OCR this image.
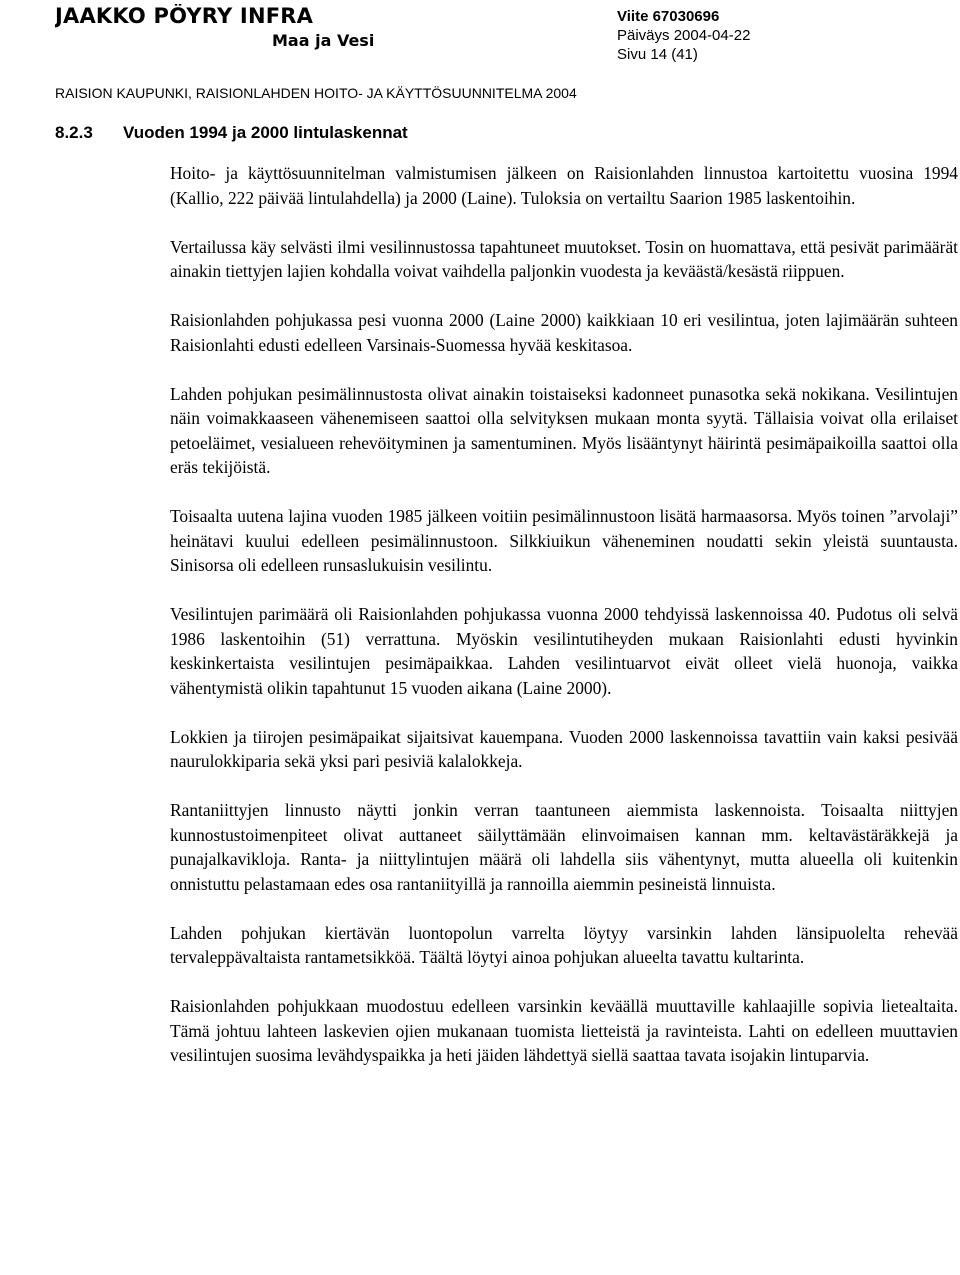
JAAKKO PÖYRY INFRA
Maa ja Vesi
Viite 67030696
Päiväys 2004-04-22
Sivu 14 (41)
RAISION KAUPUNKI, RAISIONLAHDEN HOITO- JA KÄYTTÖSUUNNITELMA 2004
8.2.3 Vuoden 1994 ja 2000 lintulaskennat

Hoito- ja käyttösuunnitelman valmistumisen jälkeen on Raisionlahden linnustoa kartoitettu vuosina 1994 (Kallio, 222 päivää lintulahdella) ja 2000 (Laine). Tuloksia on vertailtu Saarion 1985 laskentoihin.

Vertailussa käy selvästi ilmi vesilinnustossa tapahtuneet muutokset. Tosin on huomattava, että pesivät parimäärät ainakin tiettyjen lajien kohdalla voivat vaihdella paljonkin vuodesta ja keväästä/kesästä riippuen.

Raisionlahden pohjukassa pesi vuonna 2000 (Laine 2000) kaikkiaan 10 eri vesilintua, joten lajimäärän suhteen Raisionlahti edusti edelleen Varsinais-Suomessa hyvää keskitasoa.

Lahden pohjukan pesimälinnustosta olivat ainakin toistaiseksi kadonneet punasotka sekä nokikana. Vesilintujen näin voimakkaaseen vähenemiseen saattoi olla selvityksen mukaan monta syytä. Tällaisia voivat olla erilaiset petoeläimet, vesialueen rehevöityminen ja samentuminen. Myös lisääntynyt häirintä pesimäpaikoilla saattoi olla eräs tekijöistä.

Toisaalta uutena lajina vuoden 1985 jälkeen voitiin pesimälinnustoon lisätä harmaasorsa. Myös toinen ”arvolaji” heinätavi kuului edelleen pesimälinnustoon. Silkkiuikun väheneminen noudatti sekin yleistä suuntausta. Sinisorsa oli edelleen runsaslukuisin vesilintu.

Vesilintujen parimäärä oli Raisionlahden pohjukassa vuonna 2000 tehdyissä laskennoissa 40. Pudotus oli selvä 1986 laskentoihin (51) verrattuna. Myöskin vesilintutiheyden mukaan Raisionlahti edusti hyvinkin keskinkertaista vesilintujen pesimäpaikkaa. Lahden vesilintuarvot eivät olleet vielä huonoja, vaikka vähentymistä olikin tapahtunut 15 vuoden aikana (Laine 2000).

Lokkien ja tiirojen pesimäpaikat sijaitsivat kauempana. Vuoden 2000 laskennoissa tavattiin vain kaksi pesivää naurulokkiparia sekä yksi pari pesiviä kalalokkeja.

Rantaniittyjen linnusto näytti jonkin verran taantuneen aiemmista laskennoista. Toisaalta niittyjen kunnostustoimenpiteet olivat auttaneet säilyttämään elinvoimaisen kannan mm. keltavästäräkkejä ja punajalkavikloja. Ranta- ja niittylintujen määrä oli lahdella siis vähentynyt, mutta alueella oli kuitenkin onnistuttu pelastamaan edes osa rantaniityillä ja rannoilla aiemmin pesineistä linnuista.

Lahden pohjukan kiertävän luontopolun varrelta löytyy varsinkin lahden länsipuolelta rehevää tervaleppävaltaista rantametsikköä. Täältä löytyi ainoa pohjukan alueelta tavattu kultarinta.

Raisionlahden pohjukkaan muodostuu edelleen varsinkin keväällä muuttaville kahlaajille sopivia lietealtaita. Tämä johtuu lahteen laskevien ojien mukanaan tuomista lietteistä ja ravinteista. Lahti on edelleen muuttavien vesilintujen suosima levähdyspaikka ja heti jäiden lähdettyä siellä saattaa tavata isojakin lintuparvia.
